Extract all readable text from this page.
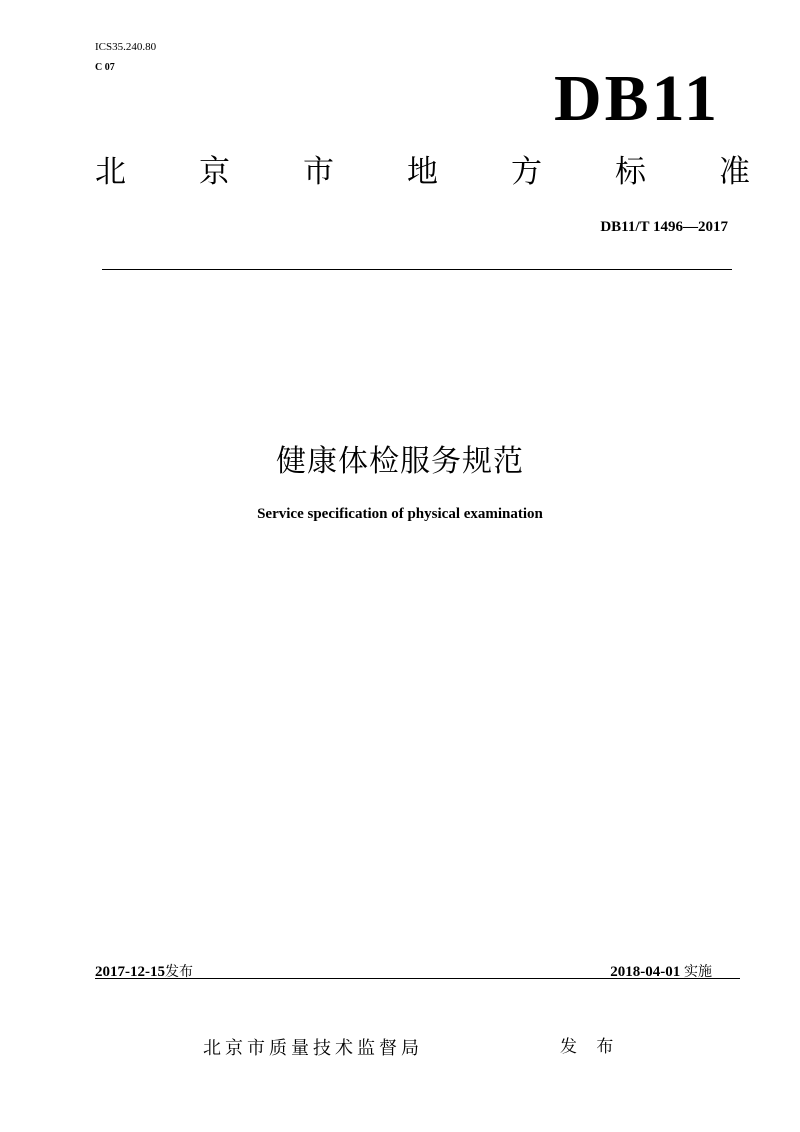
ICS35.240.80
C 07	DB11
北 京 市 地 方 标 准
DB11/T 1496—2017
健康体检服务规范
Service specification of physical examination
2017-12-15发布	2018-04-01 实施
北京市质量技术监督局	发 布
